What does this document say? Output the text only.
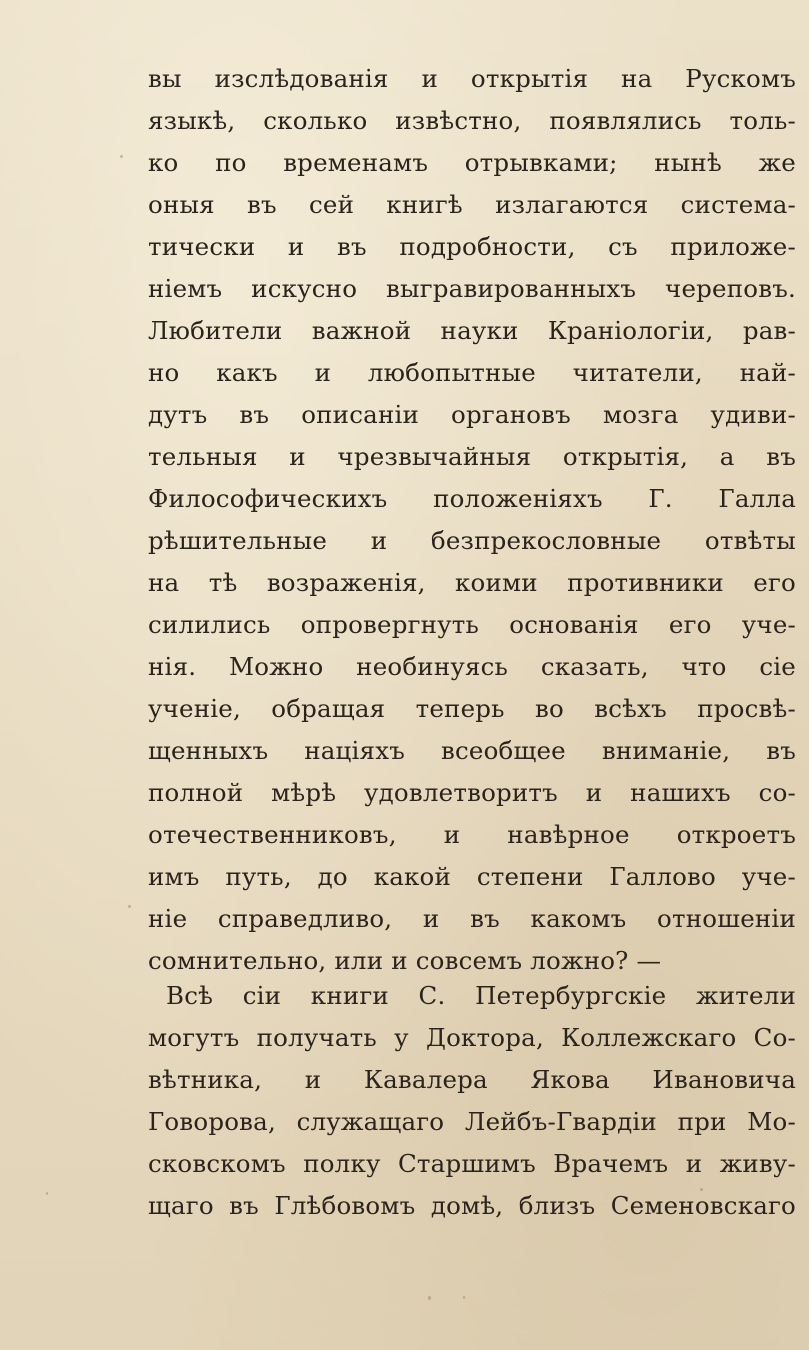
вы изслѣдованія и открытія на Рускомъ
языкѣ, сколько извѣстно, появлялись толь-
ко по временамъ отрывками; нынѣ же
оныя въ сей книгѣ излагаются система-
тически и въ подробности, съ приложе-
ніемъ искусно выгравированныхъ череповъ.
Любители важной науки Краніологіи, рав-
но какъ и любопытные читатели, най-
дутъ въ описаніи органовъ мозга удиви-
тельныя и чрезвычайныя открытія, а въ
Философическихъ положеніяхъ Г. Галла
рѣшительные и безпрекословные отвѣты
на тѣ возраженія, коими противники его
силились опровергнуть основанія его уче-
нія. Можно необинуясь сказать, что сіе
ученіе, обращая теперь во всѣхъ просвѣ-
щенныхъ націяхъ всеобщее вниманіе, въ
полной мѣрѣ удовлетворитъ и нашихъ со-
отечественниковъ, и навѣрное откроетъ
имъ путь, до какой степени Галлово уче-
ніе справедливо, и въ какомъ отношеніи
сомнительно, или и совсемъ ложно? —
Всѣ сіи книги С. Петербургскіе жители
могутъ получать у Доктора, Коллежскаго Со-
вѣтника, и Кавалера Якова Ивановича
Говорова, служащаго Лейбъ-Гвардіи при Мо-
сковскомъ полку Старшимъ Врачемъ и живу-
щаго въ Глѣбовомъ домѣ, близъ Семеновскаго
